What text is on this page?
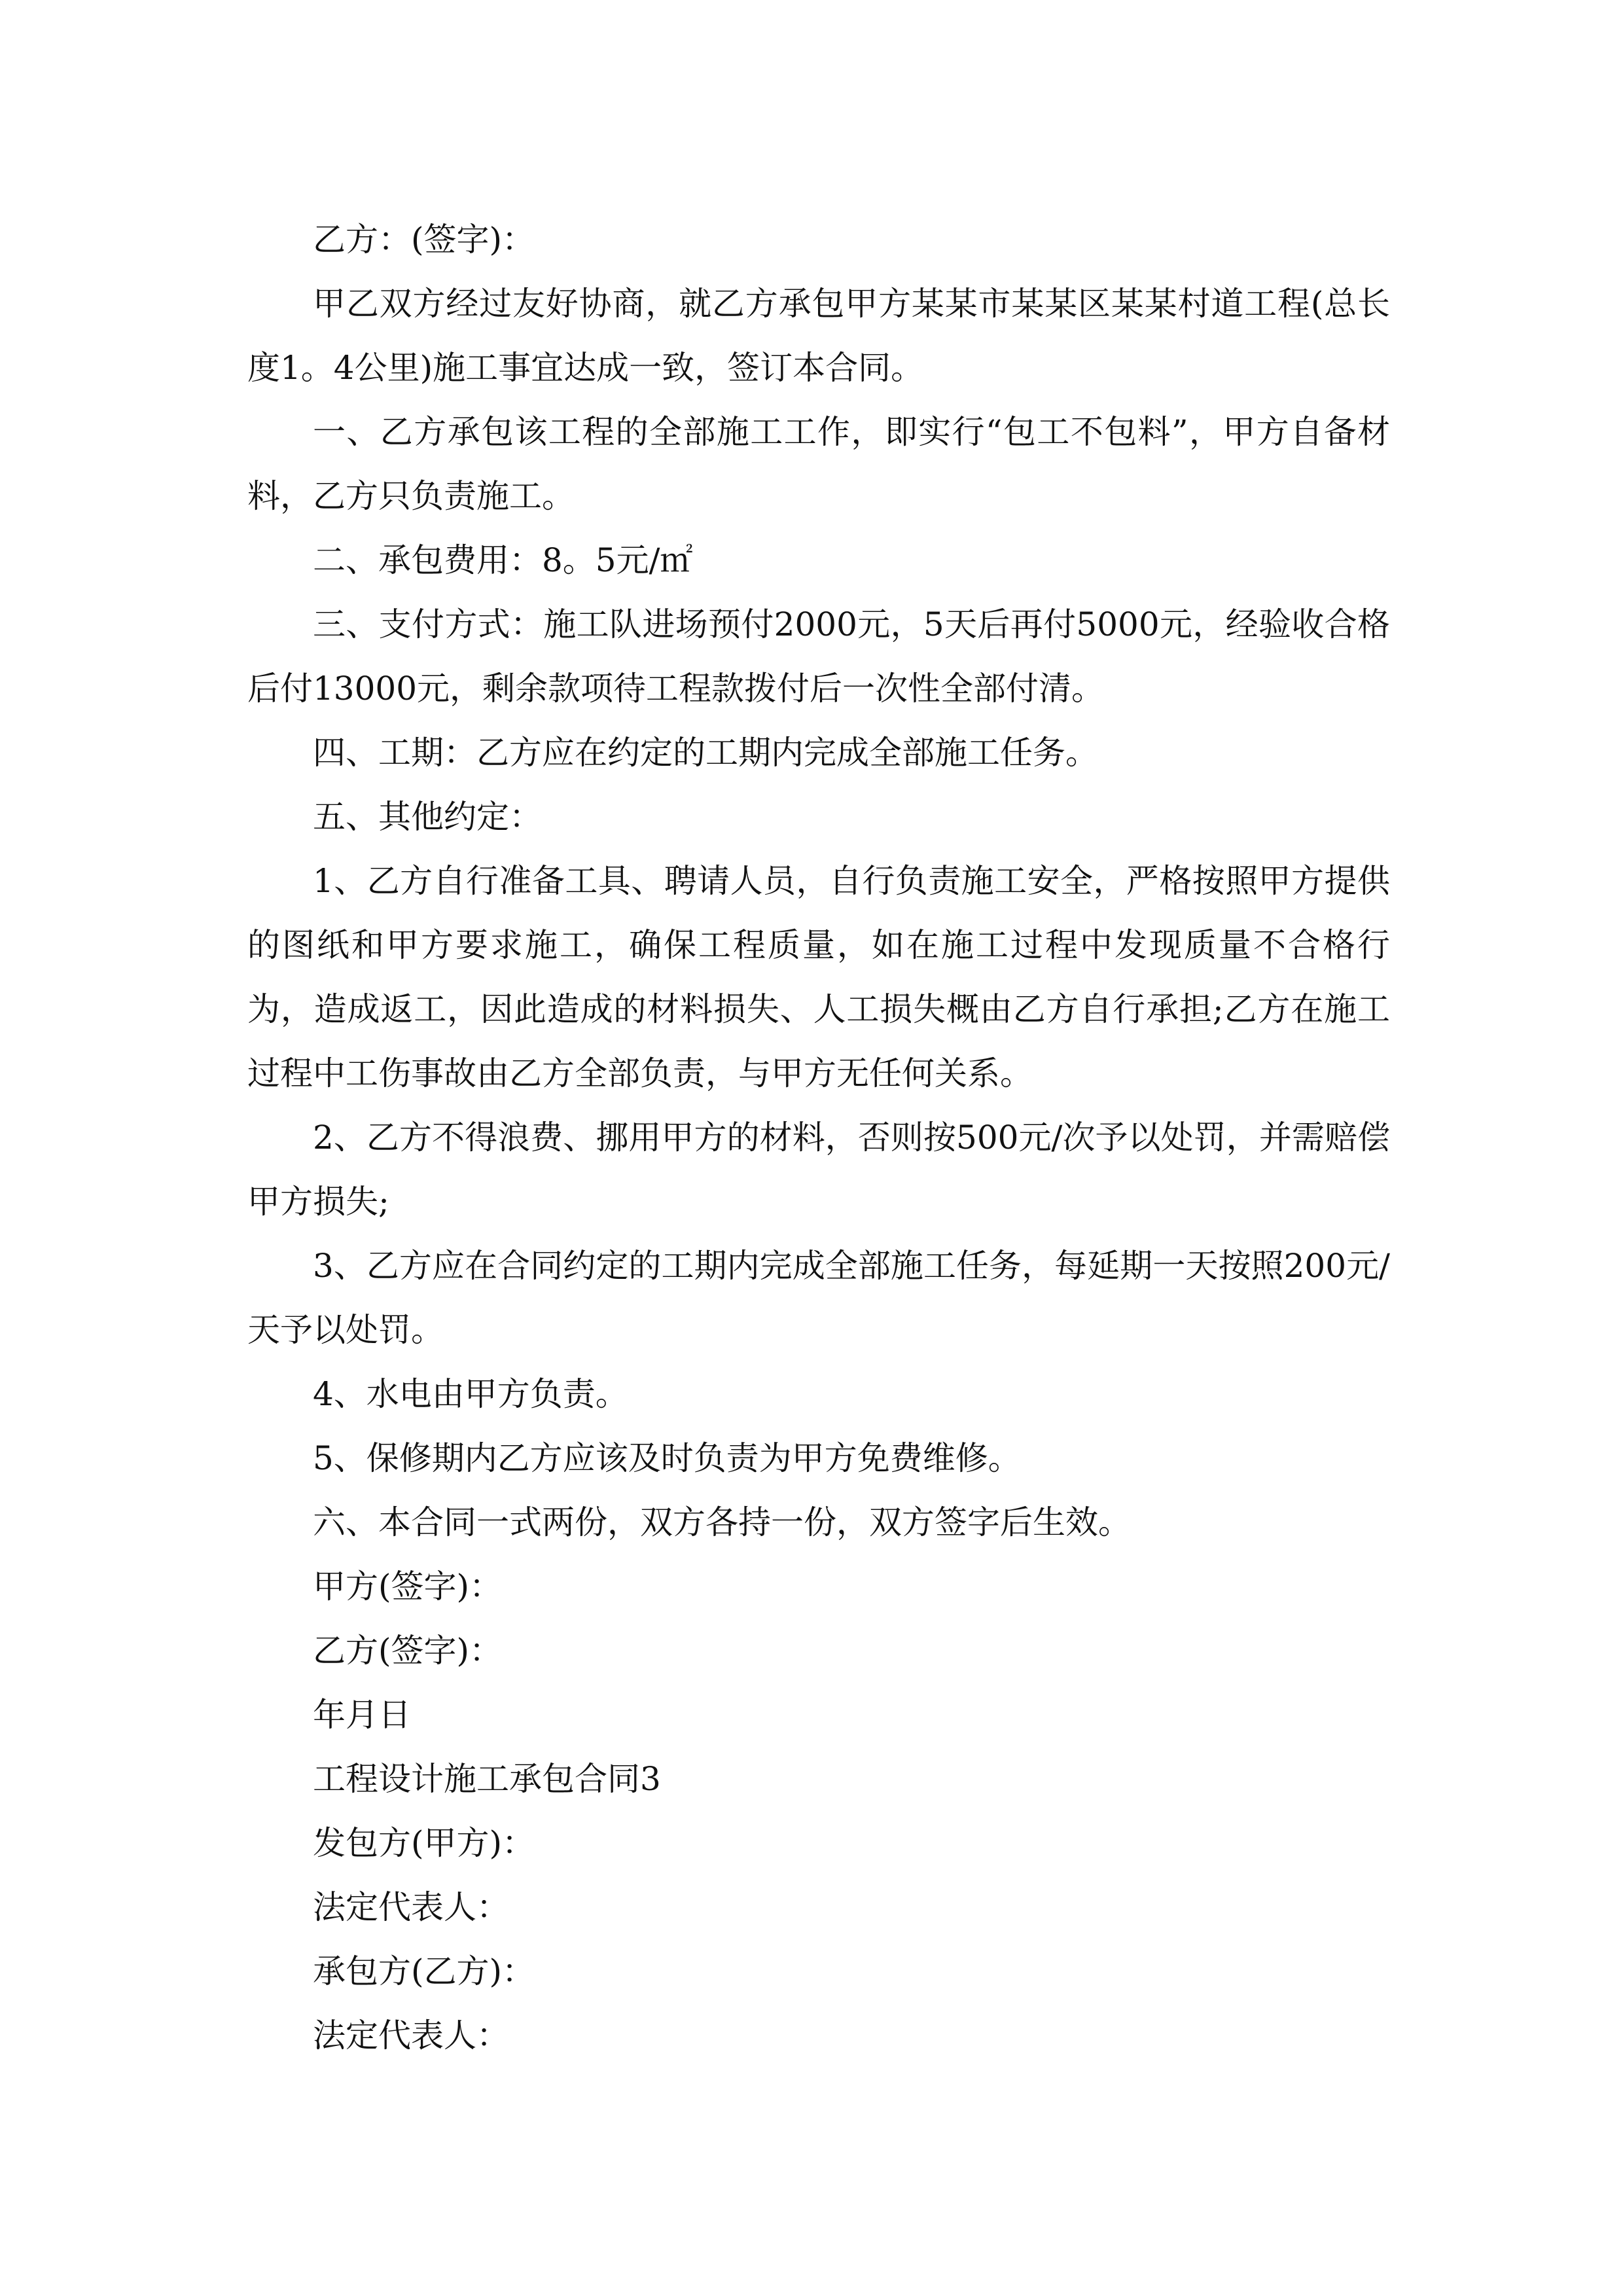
乙方：(签字)：

甲乙双方经过友好协商，就乙方承包甲方某某市某某区某某村道工程(总长度1。4公里)施工事宜达成一致，签订本合同。

一、乙方承包该工程的全部施工工作，即实行“包工不包料”，甲方自备材料，乙方只负责施工。

二、承包费用：8。5元/㎡

三、支付方式：施工队进场预付2000元，5天后再付5000元，经验收合格后付13000元，剩余款项待工程款拨付后一次性全部付清。

四、工期：乙方应在约定的工期内完成全部施工任务。

五、其他约定：

1、乙方自行准备工具、聘请人员，自行负责施工安全，严格按照甲方提供的图纸和甲方要求施工，确保工程质量，如在施工过程中发现质量不合格行为，造成返工，因此造成的材料损失、人工损失概由乙方自行承担;乙方在施工过程中工伤事故由乙方全部负责，与甲方无任何关系。

2、乙方不得浪费、挪用甲方的材料，否则按500元/次予以处罚，并需赔偿甲方损失;

3、乙方应在合同约定的工期内完成全部施工任务，每延期一天按照200元/天予以处罚。

4、水电由甲方负责。

5、保修期内乙方应该及时负责为甲方免费维修。

六、本合同一式两份，双方各持一份，双方签字后生效。

甲方(签字)：

乙方(签字)：

年月日

工程设计施工承包合同3

发包方(甲方)：

法定代表人：

承包方(乙方)：

法定代表人：
